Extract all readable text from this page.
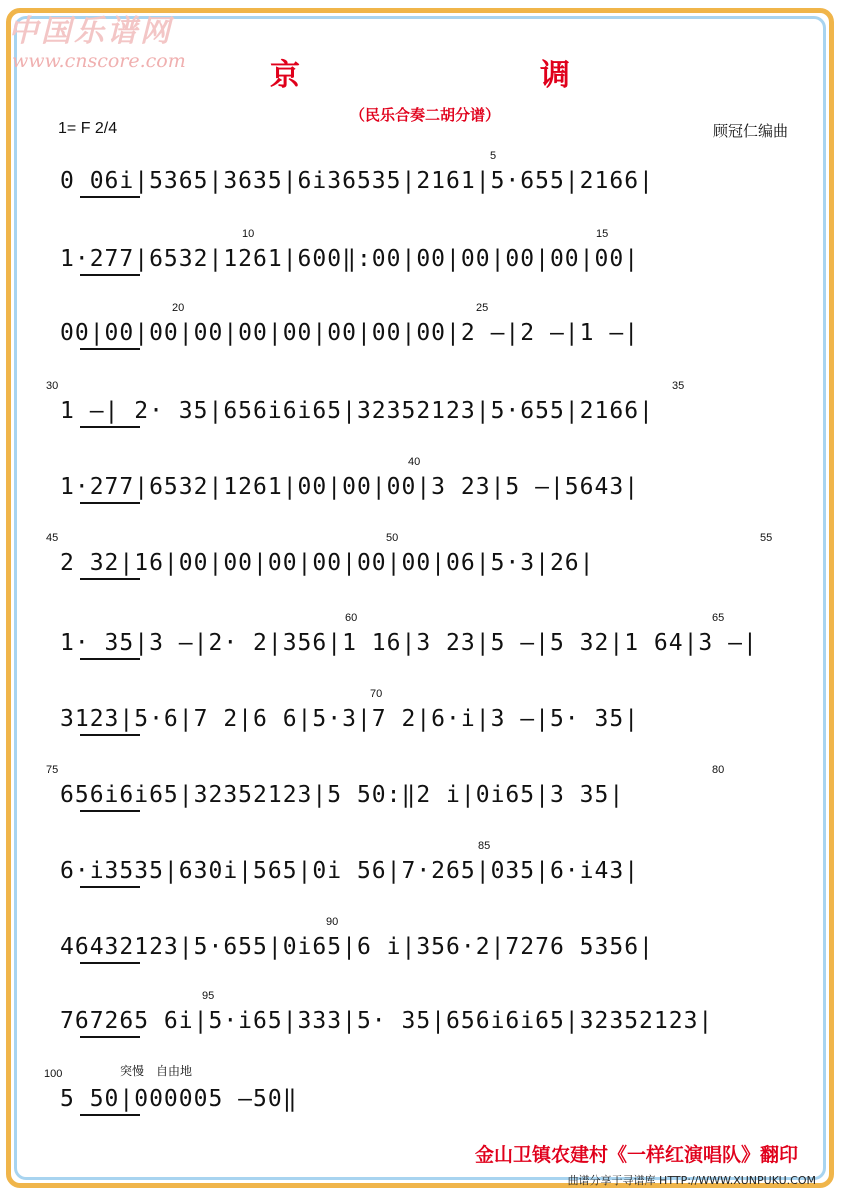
中国乐谱网
www.cnscore.com	京　　调
（民乐合奏二胡分谱）
1= F 2/4	顾冠仁编曲
0 06i|5365|3635|6i36535|2161|5·655|2166|
5
1·277|6532|1261|600‖:00|00|00|00|00|00|
10	15
00|00|00|00|00|00|00|00|00|2 —|2 —|1 —|
20	25
1 —| 2· 35|656i6i65|32352123|5·655|2166|
30	35
1·277|6532|1261|00|00|00|3 23|5 —|5643|
40
2 32|16|00|00|00|00|00|00|06|5·3|26|
45	50	55
1· 35|3 —|2· 2|356|1 16|3 23|5 —|5 32|1 64|3 —|
60	65
3123|5·6|7 2|6 6|5·3|7 2|6·i|3 —|5· 35|
70
656i6i65|32352123|5 50:‖2 i|0i65|3 35|
75	80
6·i3535|630i|565|0i 56|7·265|035|6·i43|
85
46432123|5·655|0i65|6 i|356·2|7276 5356|
90
767265 6i|5·i65|333|5· 35|656i6i65|32352123|
95
5 50|000005 —50‖
100	突慢　自由地
金山卫镇农建村《一样红演唱队》翻印
曲谱分享于寻谱库 HTTP://WWW.XUNPUKU.COM
